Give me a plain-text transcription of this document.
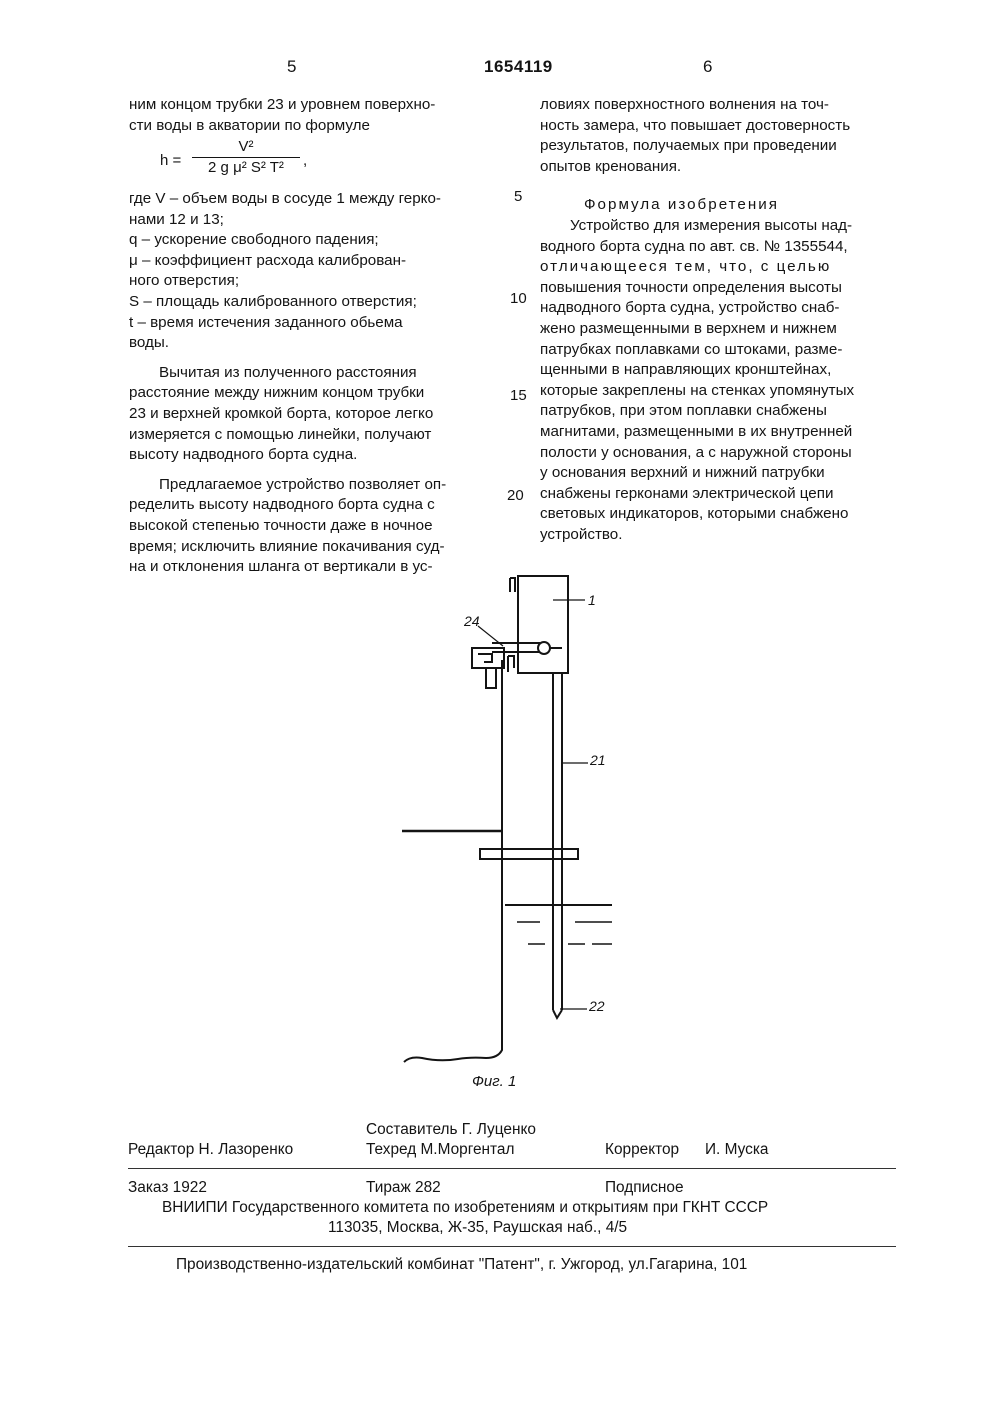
5	1654119	6
ним концом трубки 23 и уровнем поверхно-
сти воды в акватории по формуле
h =
V²
2 g μ² S² T²	,
где V – объем воды в сосуде 1 между герко-
нами 12 и 13;
q – ускорение свободного падения;
μ – коэффициент расхода калиброван-
ного отверстия;
S – площадь калиброванного отверстия;
t – время истечения заданного обьема
воды.
Вычитая из полученного расстояния
расстояние между нижним концом трубки
23 и верхней кромкой борта, которое легко
измеряется с помощью линейки, получают
высоту надводного борта судна.
Предлагаемое устройство позволяет оп-
ределить высоту надводного борта судна с
высокой степенью точности даже в ночное
время; исключить влияние покачивания суд-
на и отклонения шланга от вертикали в ус-
5
10
15
20
ловиях поверхностного волнения на точ-
ность замера, что повышает достоверность
результатов, получаемых при проведении
опытов кренования.
Формула изобретения
Устройство для измерения высоты над-
водного борта судна по авт. св. № 1355544,
отличающееся тем, что, с целью
повышения точности определения высоты
надводного борта судна, устройство снаб-
жено размещенными в верхнем и нижнем
патрубках поплавками со штоками, разме-
щенными в направляющих кронштейнах,
которые закреплены на стенках упомянутых
патрубков, при этом поплавки снабжены
магнитами, размещенными в их внутренней
полости у основания, а с наружной стороны
у основания верхний и нижний патрубки
снабжены герконами электрической цепи
световых индикаторов, которыми снабжено
устройство.
1
24
21
22
Фиг. 1
Составитель Г. Луценко
Редактор Н. Лазоренко	Техред М.Моргентал	Корректор И. Муска
Заказ 1922	Тираж 282	Подписное
ВНИИПИ Государственного комитета по изобретениям и открытиям при ГКНТ СССР
113035, Москва, Ж-35, Раушская наб., 4/5
Производственно-издательский комбинат "Патент", г. Ужгород, ул.Гагарина, 101
